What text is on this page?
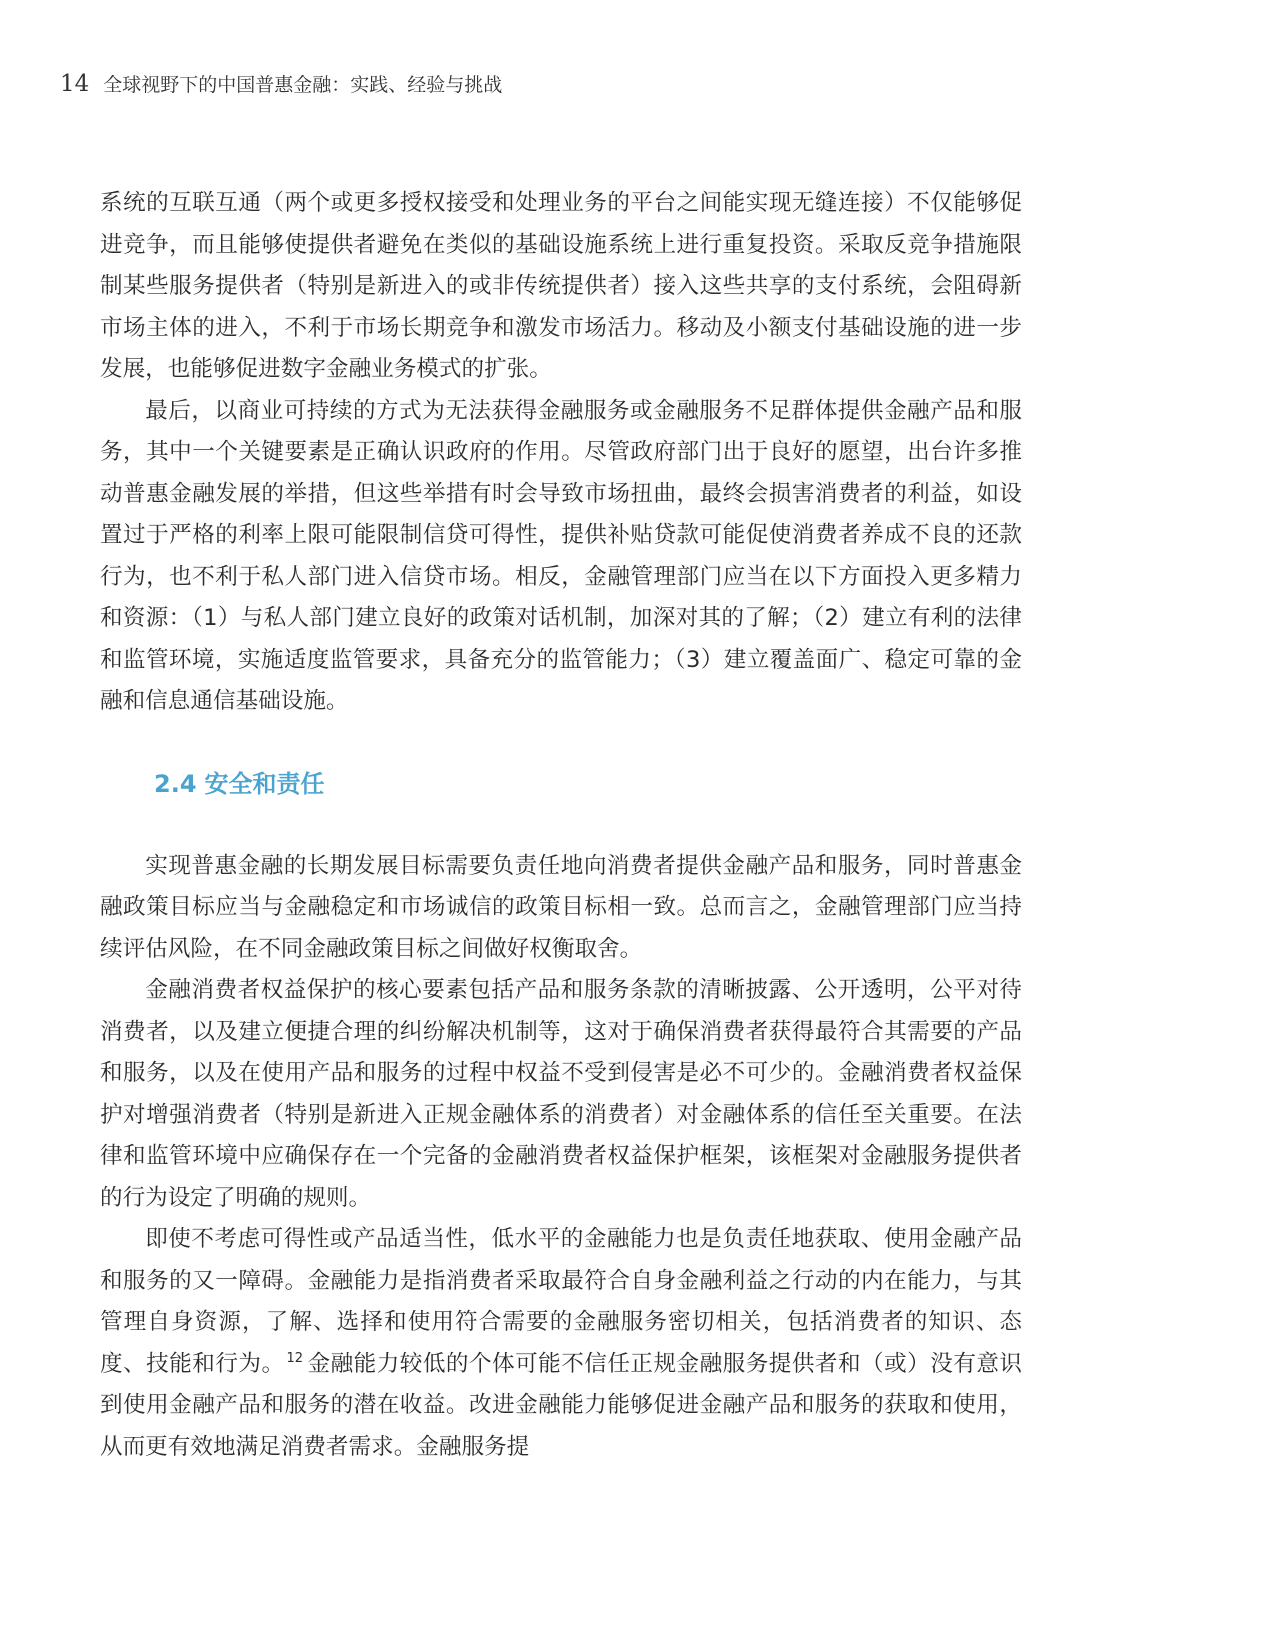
14 全球视野下的中国普惠金融：实践、经验与挑战

系统的互联互通（两个或更多授权接受和处理业务的平台之间能实现无缝连接）不仅能够促进竞争，而且能够使提供者避免在类似的基础设施系统上进行重复投资。采取反竞争措施限制某些服务提供者（特别是新进入的或非传统提供者）接入这些共享的支付系统，会阻碍新市场主体的进入，不利于市场长期竞争和激发市场活力。移动及小额支付基础设施的进一步发展，也能够促进数字金融业务模式的扩张。

最后，以商业可持续的方式为无法获得金融服务或金融服务不足群体提供金融产品和服务，其中一个关键要素是正确认识政府的作用。尽管政府部门出于良好的愿望，出台许多推动普惠金融发展的举措，但这些举措有时会导致市场扭曲，最终会损害消费者的利益，如设置过于严格的利率上限可能限制信贷可得性，提供补贴贷款可能促使消费者养成不良的还款行为，也不利于私人部门进入信贷市场。相反，金融管理部门应当在以下方面投入更多精力和资源：（1）与私人部门建立良好的政策对话机制，加深对其的了解；（2）建立有利的法律和监管环境，实施适度监管要求，具备充分的监管能力；（3）建立覆盖面广、稳定可靠的金融和信息通信基础设施。

2.4 安全和责任

实现普惠金融的长期发展目标需要负责任地向消费者提供金融产品和服务，同时普惠金融政策目标应当与金融稳定和市场诚信的政策目标相一致。总而言之，金融管理部门应当持续评估风险，在不同金融政策目标之间做好权衡取舍。

金融消费者权益保护的核心要素包括产品和服务条款的清晰披露、公开透明，公平对待消费者，以及建立便捷合理的纠纷解决机制等，这对于确保消费者获得最符合其需要的产品和服务，以及在使用产品和服务的过程中权益不受到侵害是必不可少的。金融消费者权益保护对增强消费者（特别是新进入正规金融体系的消费者）对金融体系的信任至关重要。在法律和监管环境中应确保存在一个完备的金融消费者权益保护框架，该框架对金融服务提供者的行为设定了明确的规则。

即使不考虑可得性或产品适当性，低水平的金融能力也是负责任地获取、使用金融产品和服务的又一障碍。金融能力是指消费者采取最符合自身金融利益之行动的内在能力，与其管理自身资源，了解、选择和使用符合需要的金融服务密切相关，包括消费者的知识、态度、技能和行为。 $^{12}$ 金融能力较低的个体可能不信任正规金融服务提供者和（或）没有意识到使用金融产品和服务的潜在收益。改进金融能力能够促进金融产品和服务的获取和使用，从而更有效地满足消费者需求。金融服务提
